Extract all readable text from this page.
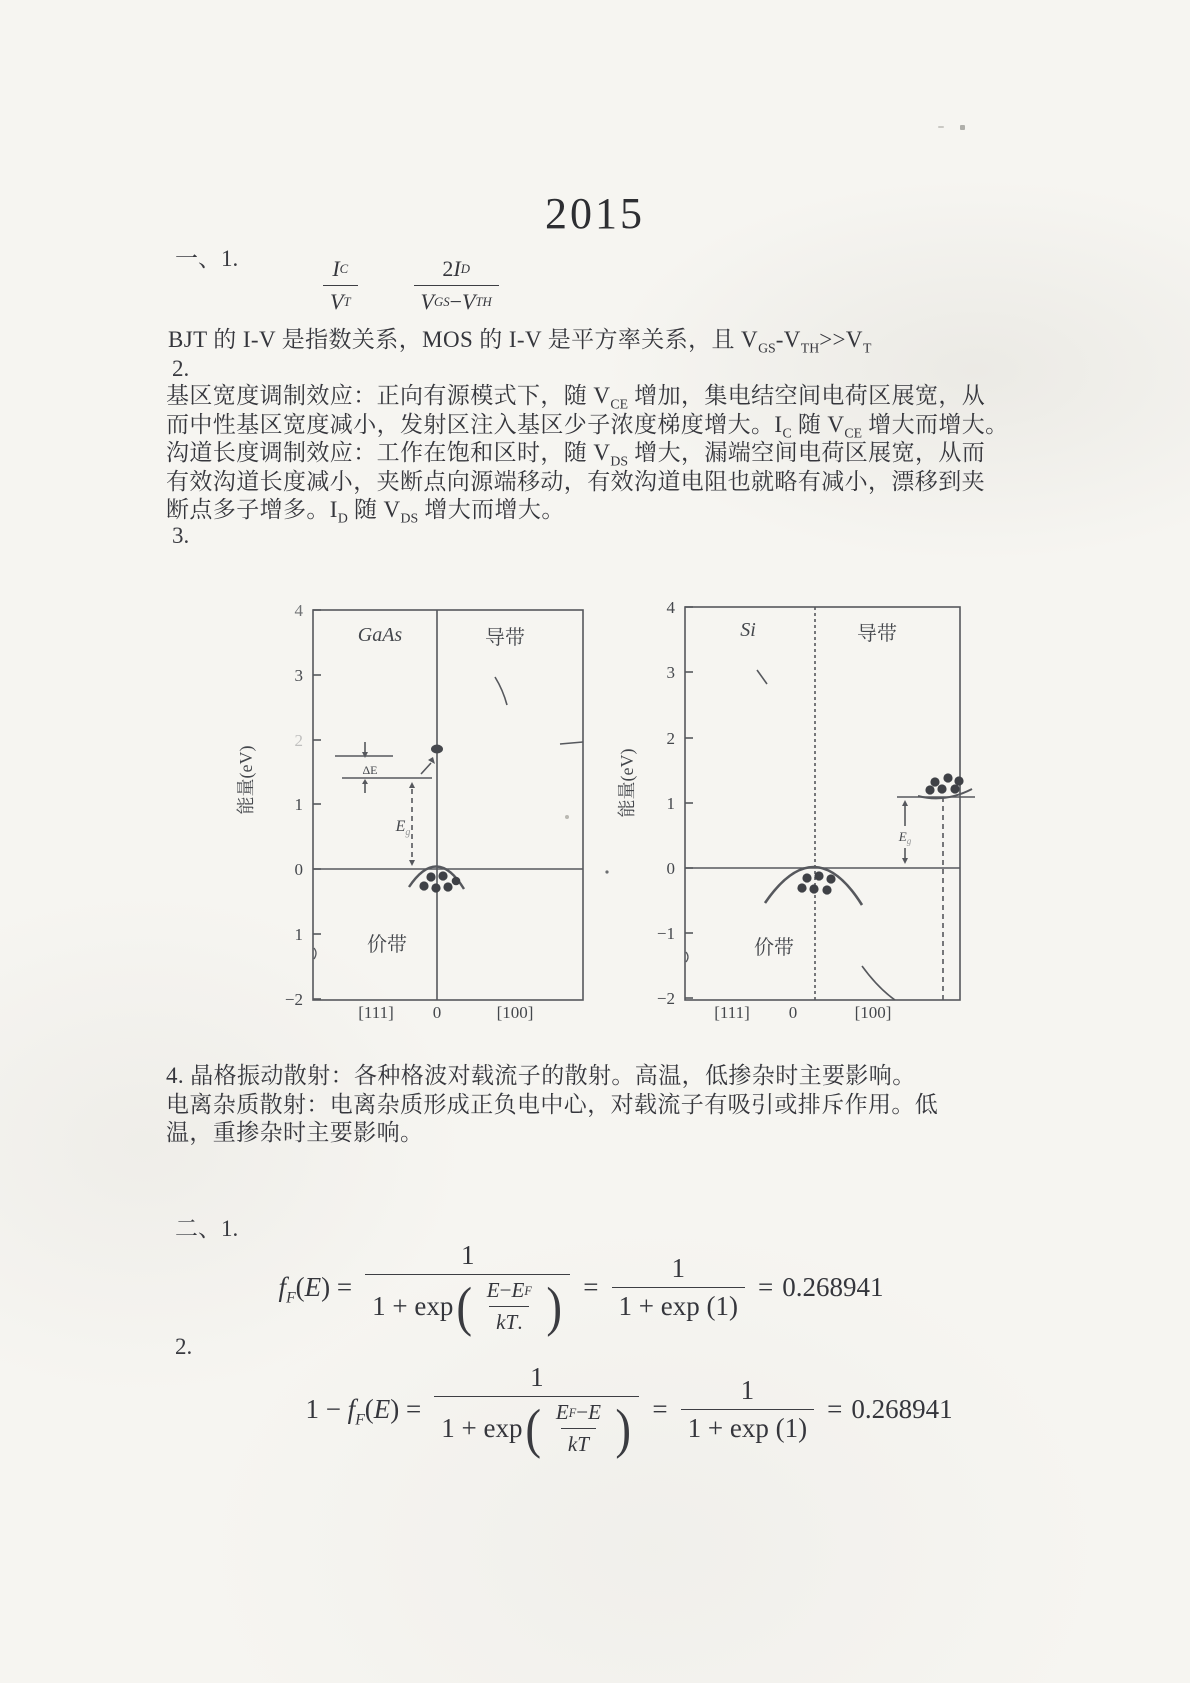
2015
一、1.	$\frac{\text{I C}}{\text{V T}}$	$\frac{\text{2 I D}}{\text{V GS − V TH}}$
BJT 的 I-V 是指数关系，MOS 的 I-V 是平方率关系，且 $V_{GS}-V_{TH}>>V_T$
2.
基区宽度调制效应：正向有源模式下，随 $V_{CE}$ 增加，集电结空间电荷区展宽，从
而中性基区宽度减小，发射区注入基区少子浓度梯度增大。$I_C$ 随 $V_{CE}$ 增大而增大。
沟道长度调制效应：工作在饱和区时，随 $V_{DS}$ 增大，漏端空间电荷区展宽，从而
有效沟道长度减小，夹断点向源端移动，有效沟道电阻也就略有减小，漂移到夹
断点多子增多。$I_D$ 随 $V_{DS}$ 增大而增大。
3.
GaAs	导带
价带
ΔE
$E_g$
4
3
2
1
0
1
−2
[111] 0	[100]
能量(eV)
Si	导带
价带
$E_g$
4
3
2
1
0
−1
−2
[111] 0	[100]
能量(eV)
4. 晶格振动散射：各种格波对载流子的散射。高温，低掺杂时主要影响。
电离杂质散射：电离杂质形成正负电中心，对载流子有吸引或排斥作用。低
温，重掺杂时主要影响。
二、1.
$f_F(E)$ =
1
1 + exp ( $\frac{\text{E − E F}}{kT .}$ ) = $\frac{1}{1 + \exp (1)} = 0.268941$
2.
$1 - f_F(E)$ =
1
1 + exp ( $\frac{\text{E F − E}}{kT}$ ) = $\frac{1}{1 + \exp (1)} = 0.268941$
